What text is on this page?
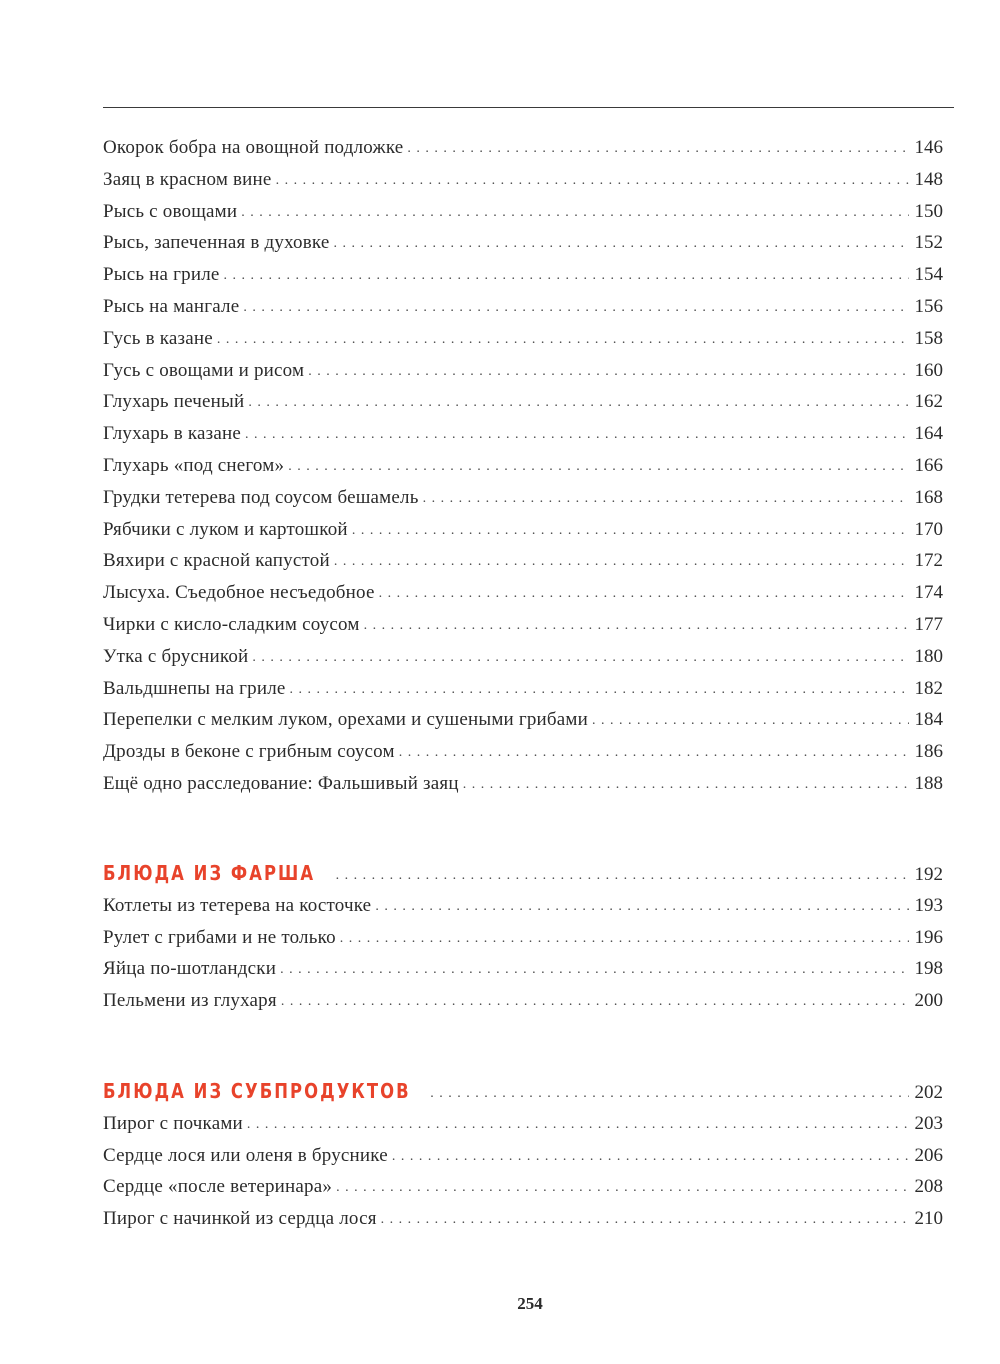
Окорок бобра на овощной подложке . . .	146
Заяц в красном вине . . .	148
Рысь с овощами . . .	150
Рысь, запеченная в духовке . . .	152
Рысь на гриле . . .	154
Рысь на мангале . . .	156
Гусь в казане . . .	158
Гусь с овощами и рисом . . .	160
Глухарь печеный . . .	162
Глухарь в казане . . .	164
Глухарь «под снегом» . . .	166
Грудки тетерева под соусом бешамель . . .	168
Рябчики с луком и картошкой . . .	170
Вяхири с красной капустой . . .	172
Лысуха. Съедобное несъедобное . . .	174
Чирки с кисло-сладким соусом . . .	177
Утка с брусникой . . .	180
Вальдшнепы на гриле . . .	182
Перепелки с мелким луком, орехами и сушеными грибами . . .	184
Дрозды в беконе с грибным соусом . . .	186
Ещё одно расследование: Фальшивый заяц . . .	188
БЛЮДА ИЗ ФАРША . . .	192
Котлеты из тетерева на косточке . . .	193
Рулет с грибами и не только . . .	196
Яйца по-шотландски . . .	198
Пельмени из глухаря . . .	200
БЛЮДА ИЗ СУБПРОДУКТОВ . . .	202
Пирог с почками . . .	203
Сердце лося или оленя в бруснике . . .	206
Сердце «после ветеринара» . . .	208
Пирог с начинкой из сердца лося . . .	210
254
